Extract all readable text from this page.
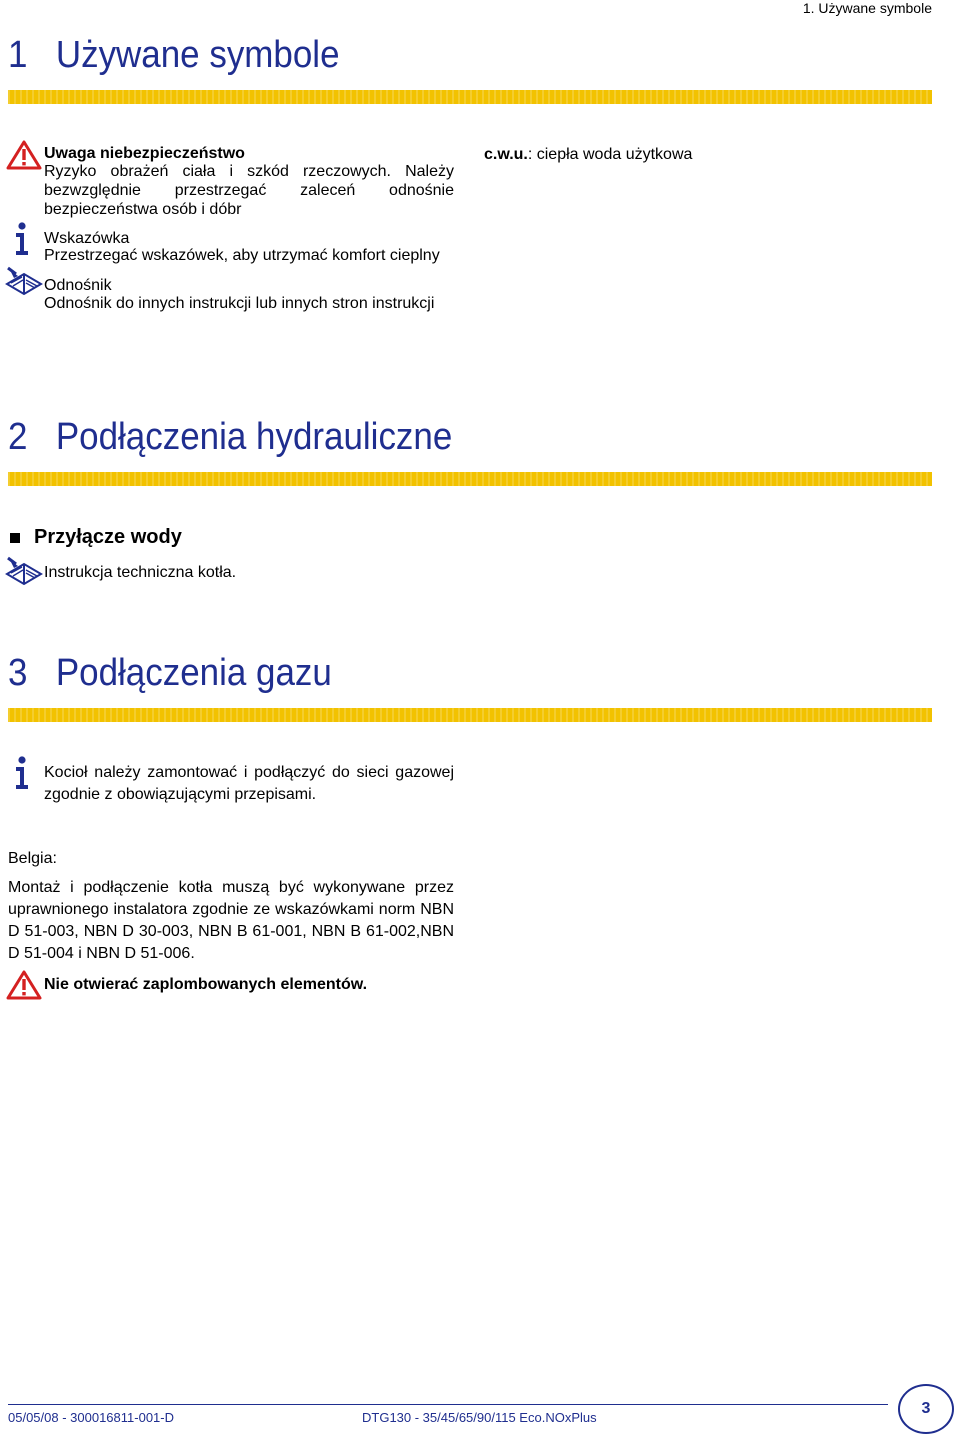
1. Używane symbole
1 Używane symbole
Uwaga niebezpieczeństwo
Ryzyko obrażeń ciała i szkód rzeczowych. Należy bezwzględnie przestrzegać zaleceń odnośnie bezpieczeństwa osób i dóbr
Wskazówka
Przestrzegać wskazówek, aby utrzymać komfort cieplny
Odnośnik
Odnośnik do innych instrukcji lub innych stron instrukcji
c.w.u.: ciepła woda użytkowa
2 Podłączenia hydrauliczne
Przyłącze wody
Instrukcja techniczna kotła.
3 Podłączenia gazu
Kocioł należy zamontować i podłączyć do sieci gazowej zgodnie z obowiązującymi przepisami.
Belgia:
Montaż i podłączenie kotła muszą być wykonywane przez uprawnionego instalatora zgodnie ze wskazówkami norm NBN D 51-003, NBN D 30-003, NBN B 61-001, NBN B 61-002,NBN D 51-004 i NBN D 51-006.
Nie otwierać zaplombowanych elementów.
05/05/08 - 300016811-001-D	DTG130 - 35/45/65/90/115 Eco.NOxPlus
3
